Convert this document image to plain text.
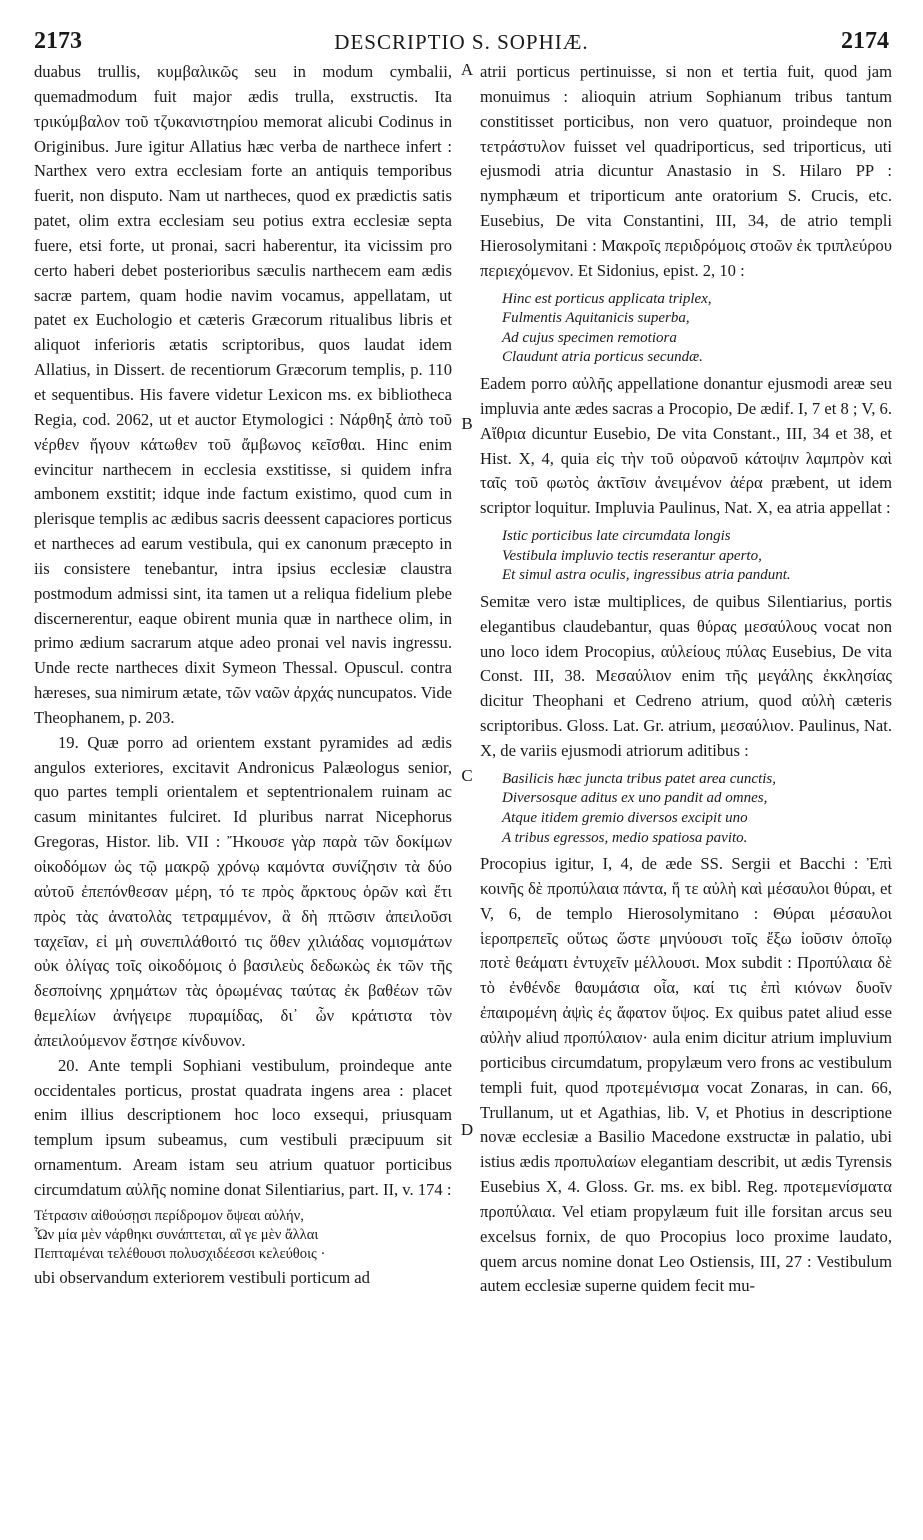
2173	DESCRIPTIO S. SOPHIÆ.	2174
A
B
C
D

duabus trullis, κυμβαλικῶς seu in modum cymbalii, quemadmodum fuit major ædis trulla, exstructis. Ita τρικύμβαλον τοῦ τζυκανιστηρίου memorat alicubi Codinus in Originibus. Jure igitur Allatius hæc verba de narthece infert : Narthex vero extra ecclesiam forte an antiquis temporibus fuerit, non disputo. Nam ut nartheces, quod ex prædictis satis patet, olim extra ecclesiam seu potius extra ecclesiæ septa fuere, etsi forte, ut pronai, sacri haberentur, ita vicissim pro certo haberi debet posterioribus sæculis narthecem eam ædis sacræ partem, quam hodie navim vocamus, appellatam, ut patet ex Euchologio et cæteris Græcorum ritualibus libris et aliquot inferioris ætatis scriptoribus, quos laudat idem Allatius, in Dissert. de recentiorum Græcorum templis, p. 110 et sequentibus. His favere videtur Lexicon ms. ex bibliotheca Regia, cod. 2062, ut et auctor Etymologici : Νάρθηξ ἀπὸ τοῦ νέρθεν ἤγουν κάτωθεν τοῦ ἄμβωνος κεῖσθαι. Hinc enim evincitur narthecem in ecclesia exstitisse, si quidem infra ambonem exstitit; idque inde factum existimo, quod cum in plerisque templis ac ædibus sacris deessent capaciores porticus et nartheces ad earum vestibula, qui ex canonum præcepto in iis consistere tenebantur, intra ipsius ecclesiæ claustra postmodum admissi sint, ita tamen ut a reliqua fidelium plebe discernerentur, eaque obirent munia quæ in narthece olim, in primo ædium sacrarum atque adeo pronai vel navis ingressu. Unde recte nartheces dixit Symeon Thessal. Opuscul. contra hæreses, sua nimirum ætate, τῶν ναῶν ἀρχάς nuncupatos. Vide Theophanem, p. 203.

19. Quæ porro ad orientem exstant pyramides ad ædis angulos exteriores, excitavit Andronicus Palæologus senior, quo partes templi orientalem et septentrionalem ruinam ac casum minitantes fulciret. Id pluribus narrat Nicephorus Gregoras, Histor. lib. VII : Ἤκουσε γὰρ παρὰ τῶν δοκίμων οἰκοδόμων ὡς τῷ μακρῷ χρόνῳ καμόντα συνίζησιν τὰ δύο αὐτοῦ ἐπεπόνθεσαν μέρη, τό τε πρὸς ἄρκτους ὁρῶν καὶ ἔτι πρὸς τὰς ἀνατολὰς τετραμμένον, ἃ δὴ πτῶσιν ἀπειλοῦσι ταχεῖαν, εἰ μὴ συνεπιλάθοιτό τις ὅθεν χιλιάδας νομισμάτων οὐκ ὀλίγας τοῖς οἰκοδόμοις ὁ βασιλεὺς δεδωκὼς ἐκ τῶν τῆς δεσποίνης χρημάτων τὰς ὁρωμένας ταύτας ἐκ βαθέων τῶν θεμελίων ἀνήγειρε πυραμίδας, δι᾽ ὧν κράτιστα τὸν ἀπειλούμενον ἔστησε κίνδυνον.

20. Ante templi Sophiani vestibulum, proindeque ante occidentales porticus, prostat quadrata ingens area : placet enim illius descriptionem hoc loco exsequi, priusquam templum ipsum subeamus, cum vestibuli præcipuum sit ornamentum. Aream istam seu atrium quatuor porticibus circumdatum αὐλῆς nomine donat Silentiarius, part. II, v. 174 :

Τέτρασιν αἰθούσῃσι περίδρομον ὄψεαι αὐλήν,
Ὧν μία μὲν νάρθηκι συνάπτεται, αἳ γε μὲν ἄλλαι
Πεπταμέναι τελέθουσι πολυσχιδέεσσι κελεύθοις ·

ubi observandum exteriorem vestibuli porticum ad

atrii porticus pertinuisse, si non et tertia fuit, quod jam monuimus : alioquin atrium Sophianum tribus tantum constitisset porticibus, non vero quatuor, proindeque non τετράστυλον fuisset vel quadriporticus, sed triporticus, uti ejusmodi atria dicuntur Anastasio in S. Hilaro PP : nymphæum et triporticum ante oratorium S. Crucis, etc. Eusebius, De vita Constantini, III, 34, de atrio templi Hierosolymitani : Μακροῖς περιδρόμοις στοῶν ἐκ τριπλεύρου περιεχόμενον. Et Sidonius, epist. 2, 10 :

Hinc est porticus applicata triplex,
Fulmentis Aquitanicis superba,
Ad cujus specimen remotiora
Claudunt atria porticus secundæ.

Eadem porro αὐλῆς appellatione donantur ejusmodi areæ seu impluvia ante ædes sacras a Procopio, De ædif. I, 7 et 8 ; V, 6. Αἴθρια dicuntur Eusebio, De vita Constant., III, 34 et 38, et Hist. X, 4, quia εἰς τὴν τοῦ οὐρανοῦ κάτοψιν λαμπρὸν καὶ ταῖς τοῦ φωτὸς ἀκτῖσιν ἀνειμένον ἀέρα præbent, ut idem scriptor loquitur. Impluvia Paulinus, Nat. X, ea atria appellat :

Istic porticibus late circumdata longis
Vestibula impluvio tectis reserantur aperto,
Et simul astra oculis, ingressibus atria pandunt.

Semitæ vero istæ multiplices, de quibus Silentiarius, portis elegantibus claudebantur, quas θύρας μεσαύλους vocat non uno loco idem Procopius, αὐλείους πύλας Eusebius, De vita Const. III, 38. Μεσαύλιον enim τῆς μεγάλης ἐκκλησίας dicitur Theophani et Cedreno atrium, quod αὐλὴ cæteris scriptoribus. Gloss. Lat. Gr. atrium, μεσαύλιον. Paulinus, Nat. X, de variis ejusmodi atriorum aditibus :

Basilicis hæc juncta tribus patet area cunctis,
Diversosque aditus ex uno pandit ad omnes,
Atque itidem gremio diversos excipit uno
A tribus egressos, medio spatiosa pavito.

Procopius igitur, I, 4, de æde SS. Sergii et Bacchi : Ἐπὶ κοινῆς δὲ προπύλαια πάντα, ἥ τε αὐλὴ καὶ μέσαυλοι θύραι, et V, 6, de templo Hierosolymitano : Θύραι μέσαυλοι ἱεροπρεπεῖς οὕτως ὥστε μηνύουσι τοῖς ἔξω ἰοῦσιν ὁποῖῳ ποτὲ θεάματι ἐντυχεῖν μέλλουσι. Mox subdit : Προπύλαια δὲ τὸ ἐνθένδε θαυμάσια οἷα, καί τις ἐπὶ κιόνων δυοῖν ἐπαιρομένη ἀψὶς ἐς ἄφατον ὕψος. Ex quibus patet aliud esse αὐλὴν aliud προπύλαιον· aula enim dicitur atrium impluvium porticibus circumdatum, propylæum vero frons ac vestibulum templi fuit, quod προτεμένισμα vocat Zonaras, in can. 66, Trullanum, ut et Agathias, lib. V, et Photius in descriptione novæ ecclesiæ a Basilio Macedone exstructæ in palatio, ubi istius ædis προπυλαίων elegantiam describit, ut ædis Tyrensis Eusebius X, 4. Gloss. Gr. ms. ex bibl. Reg. προτεμενίσματα προπύλαια. Vel etiam propylæum fuit ille forsitan arcus seu excelsus fornix, de quo Procopius loco proxime laudato, quem arcus nomine donat Leo Ostiensis, III, 27 : Vestibulum autem ecclesiæ superne quidem fecit mu-
